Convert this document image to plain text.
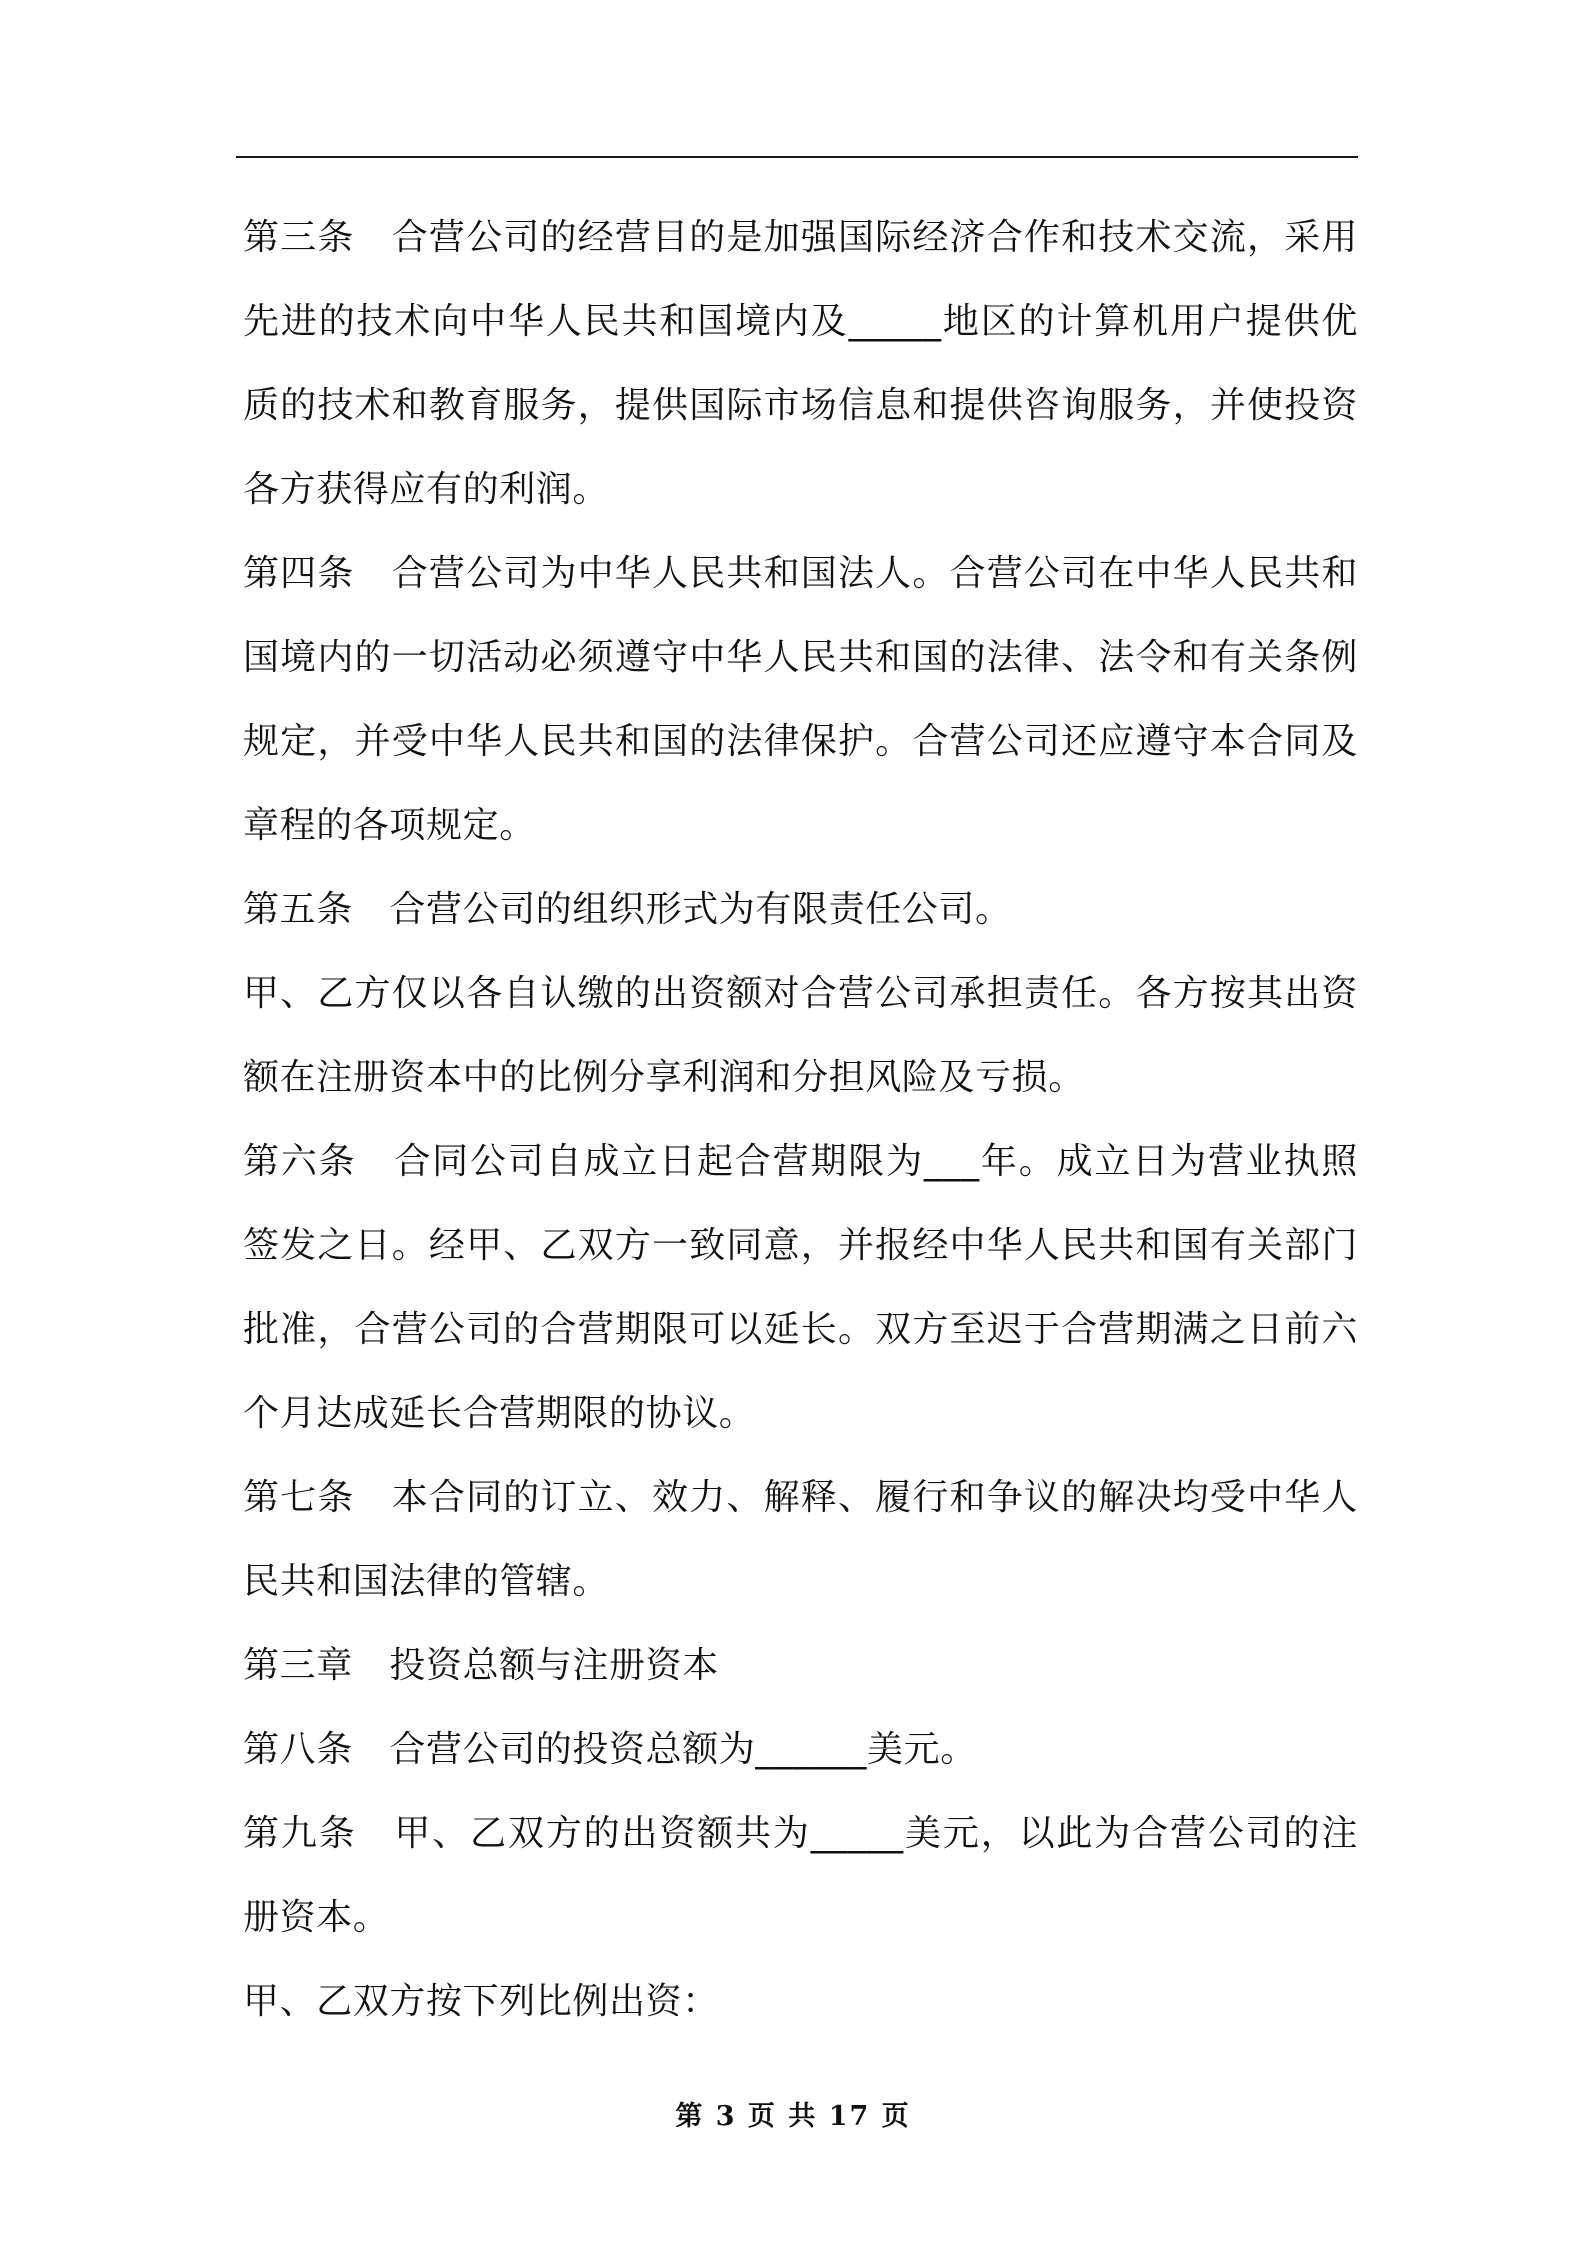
第三条　合营公司的经营目的是加强国际经济合作和技术交流，采用先进的技术向中华人民共和国境内及_____地区的计算机用户提供优质的技术和教育服务，提供国际市场信息和提供咨询服务，并使投资各方获得应有的利润。

第四条　合营公司为中华人民共和国法人。合营公司在中华人民共和国境内的一切活动必须遵守中华人民共和国的法律、法令和有关条例规定，并受中华人民共和国的法律保护。合营公司还应遵守本合同及章程的各项规定。

第五条　合营公司的组织形式为有限责任公司。

甲、乙方仅以各自认缴的出资额对合营公司承担责任。各方按其出资额在注册资本中的比例分享利润和分担风险及亏损。

第六条　合同公司自成立日起合营期限为___年。成立日为营业执照签发之日。经甲、乙双方一致同意，并报经中华人民共和国有关部门批准，合营公司的合营期限可以延长。双方至迟于合营期满之日前六个月达成延长合营期限的协议。

第七条　本合同的订立、效力、解释、履行和争议的解决均受中华人民共和国法律的管辖。

第三章　投资总额与注册资本

第八条　合营公司的投资总额为______美元。

第九条　甲、乙双方的出资额共为_____美元，以此为合营公司的注册资本。

甲、乙双方按下列比例出资：

第 3 页 共 17 页
